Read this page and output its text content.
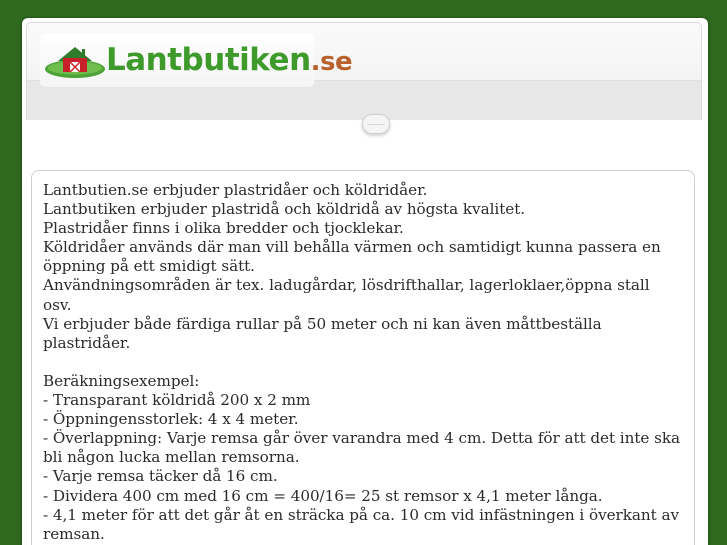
Lantbutiken.se

Lantbutien.se erbjuder plastridåer och köldridåer.

Lantbutiken erbjuder plastridå och köldridå av högsta kvalitet.

Plastridåer finns i olika bredder och tjocklekar.

Köldridåer används där man vill behålla värmen och samtidigt kunna passera en

öppning på ett smidigt sätt.

Användningsområden är tex. ladugårdar, lösdrifthallar, lagerloklaer,öppna stall

osv.

Vi erbjuder både färdiga rullar på 50 meter och ni kan även måttbeställa

plastridåer.

Beräkningsexempel:

- Transparant köldridå 200 x 2 mm

- Öppningensstorlek: 4 x 4 meter.

- Överlappning: Varje remsa går över varandra med 4 cm. Detta för att det inte ska

bli någon lucka mellan remsorna.

- Varje remsa täcker då 16 cm.

- Dividera 400 cm med 16 cm = 400/16= 25 st remsor x 4,1 meter långa.

- 4,1 meter för att det går åt en sträcka på ca. 10 cm vid infästningen i överkant av

remsan.
